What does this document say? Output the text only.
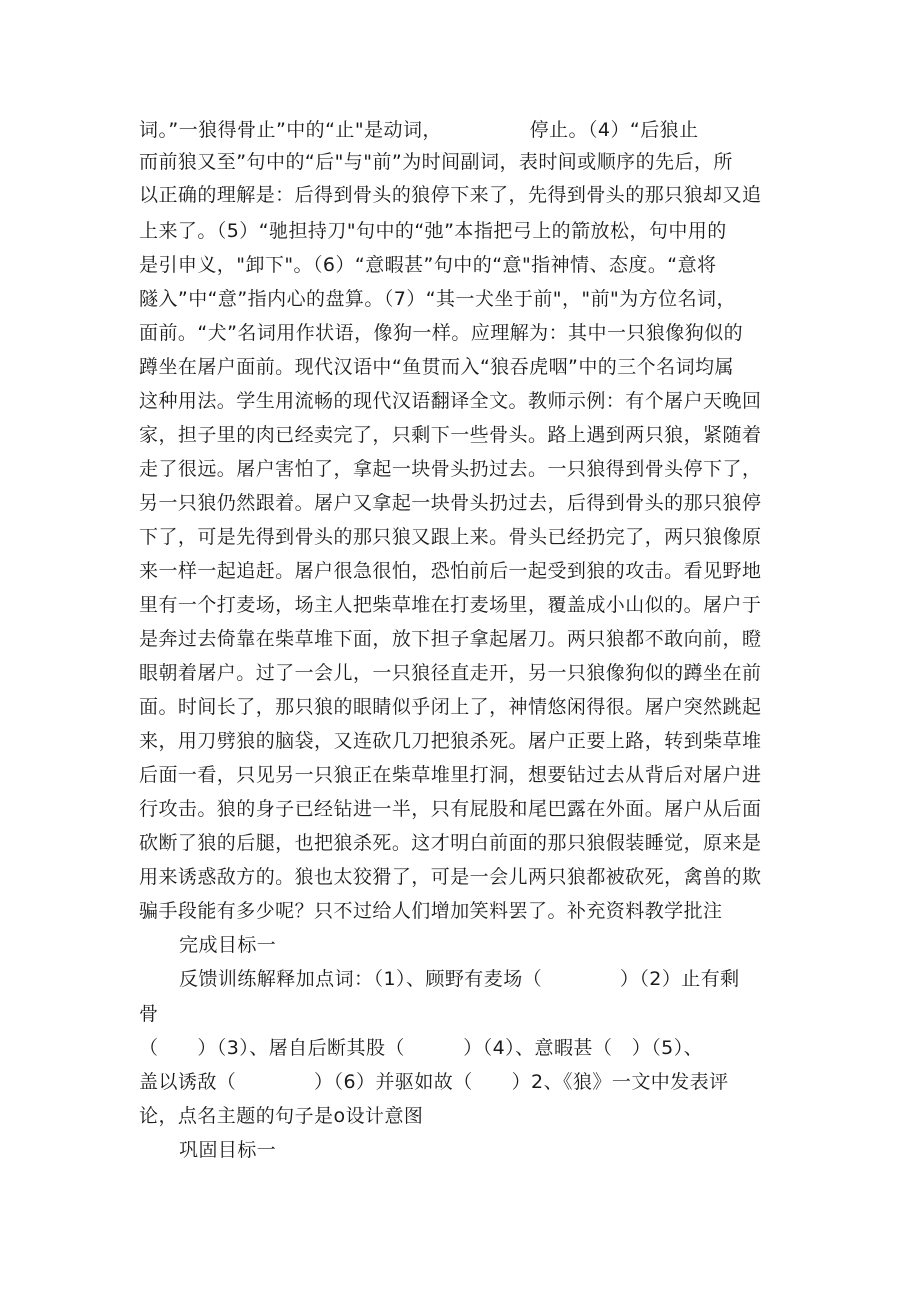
词。”一狼得骨止”中的“止"是动词，　　　　　停止。（4）“后狼止
而前狼又至”句中的“后"与"前”为时间副词，表时间或顺序的先后，所
以正确的理解是：后得到骨头的狼停下来了，先得到骨头的那只狼却又追
上来了。（5）“驰担持刀"句中的“弛”本指把弓上的箭放松，句中用的
是引申义，"卸下"。（6）“意暇甚”句中的“意"指神情、态度。“意将
隧入”中“意”指内心的盘算。（7）“其一犬坐于前"，"前"为方位名词，
面前。“犬”名词用作状语，像狗一样。应理解为：其中一只狼像狗似的
蹲坐在屠户面前。现代汉语中“鱼贯而入“狼吞虎咽”中的三个名词均属
这种用法。学生用流畅的现代汉语翻译全文。教师示例：有个屠户天晚回
家，担子里的肉已经卖完了，只剩下一些骨头。路上遇到两只狼，紧随着
走了很远。屠户害怕了，拿起一块骨头扔过去。一只狼得到骨头停下了，
另一只狼仍然跟着。屠户又拿起一块骨头扔过去，后得到骨头的那只狼停
下了，可是先得到骨头的那只狼又跟上来。骨头已经扔完了，两只狼像原
来一样一起追赶。屠户很急很怕，恐怕前后一起受到狼的攻击。看见野地
里有一个打麦场，场主人把柴草堆在打麦场里，覆盖成小山似的。屠户于
是奔过去倚靠在柴草堆下面，放下担子拿起屠刀。两只狼都不敢向前，瞪
眼朝着屠户。过了一会儿，一只狼径直走开，另一只狼像狗似的蹲坐在前
面。时间长了，那只狼的眼睛似乎闭上了，神情悠闲得很。屠户突然跳起
来，用刀劈狼的脑袋，又连砍几刀把狼杀死。屠户正要上路，转到柴草堆
后面一看，只见另一只狼正在柴草堆里打洞，想要钻过去从背后对屠户进
行攻击。狼的身子已经钻进一半，只有屁股和尾巴露在外面。屠户从后面
砍断了狼的后腿，也把狼杀死。这才明白前面的那只狼假装睡觉，原来是
用来诱惑敌方的。狼也太狡猾了，可是一会儿两只狼都被砍死，禽兽的欺
骗手段能有多少呢？只不过给人们增加笑料罢了。补充资料教学批注
完成目标一
反馈训练解释加点词：（1）、顾野有麦场（　　　　）（2）止有剩
骨
（　　）（3）、屠自后断其股（　　　）（4）、意暇甚（　）（5）、
盖以诱敌（　　　　）（6）并驱如故（　　）2、《狼》一文中发表评
论，点名主题的句子是o设计意图
巩固目标一
